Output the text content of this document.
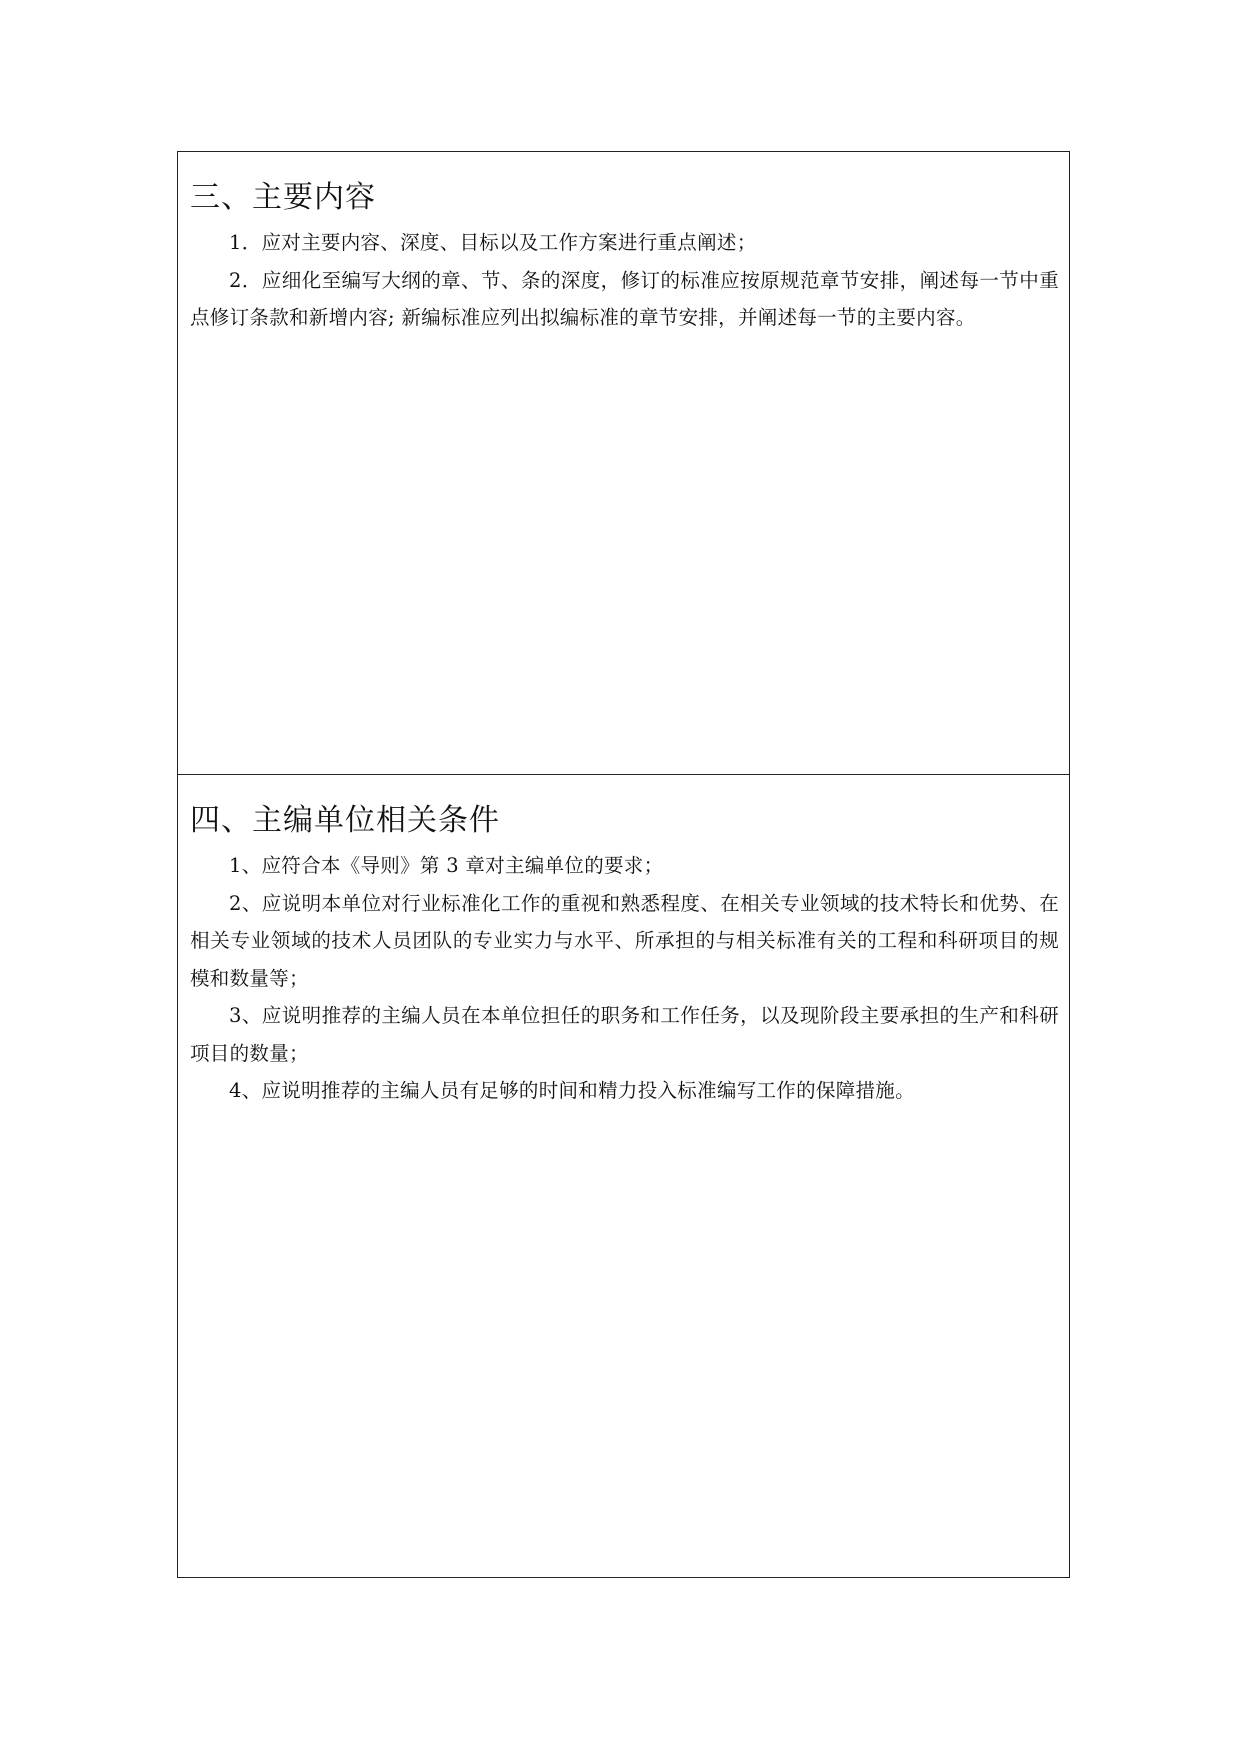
三、主要内容

1．应对主要内容、深度、目标以及工作方案进行重点阐述；

2．应细化至编写大纲的章、节、条的深度，修订的标准应按原规范章节安排，阐述每一节中重点修订条款和新增内容; 新编标准应列出拟编标准的章节安排，并阐述每一节的主要内容。

四、主编单位相关条件

1、应符合本《导则》第 3 章对主编单位的要求；

2、应说明本单位对行业标准化工作的重视和熟悉程度、在相关专业领域的技术特长和优势、在相关专业领域的技术人员团队的专业实力与水平、所承担的与相关标准有关的工程和科研项目的规模和数量等；

3、应说明推荐的主编人员在本单位担任的职务和工作任务，以及现阶段主要承担的生产和科研项目的数量；

4、应说明推荐的主编人员有足够的时间和精力投入标准编写工作的保障措施。
